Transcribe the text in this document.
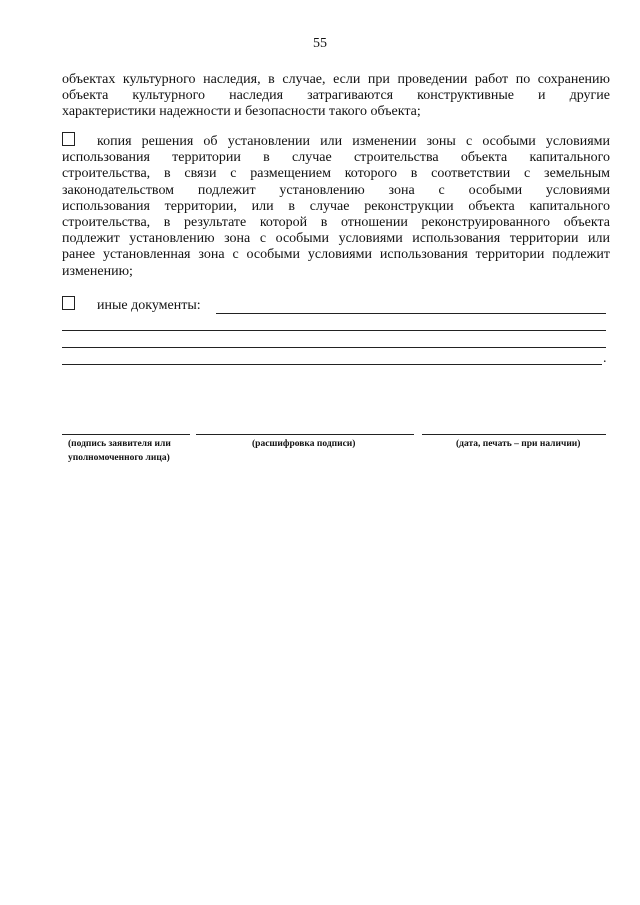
55
объектах культурного наследия, в случае, если при проведении работ по сохранению
объекта культурного наследия затрагиваются конструктивные и другие
характеристики надежности и безопасности такого объекта;
копия решения об установлении или изменении зоны с особыми условиями
использования территории в случае строительства объекта капитального
строительства, в связи с размещением которого в соответствии с земельным
законодательством подлежит установлению зона с особыми условиями
использования территории, или в случае реконструкции объекта капитального
строительства, в результате которой в отношении реконструированного объекта
подлежит установлению зона с особыми условиями использования территории или
ранее установленная зона с особыми условиями использования территории подлежит
изменению;
иные документы:
.
(подпись заявителя или
уполномоченного лица)
(расшифровка подписи)	(дата, печать – при наличии)
